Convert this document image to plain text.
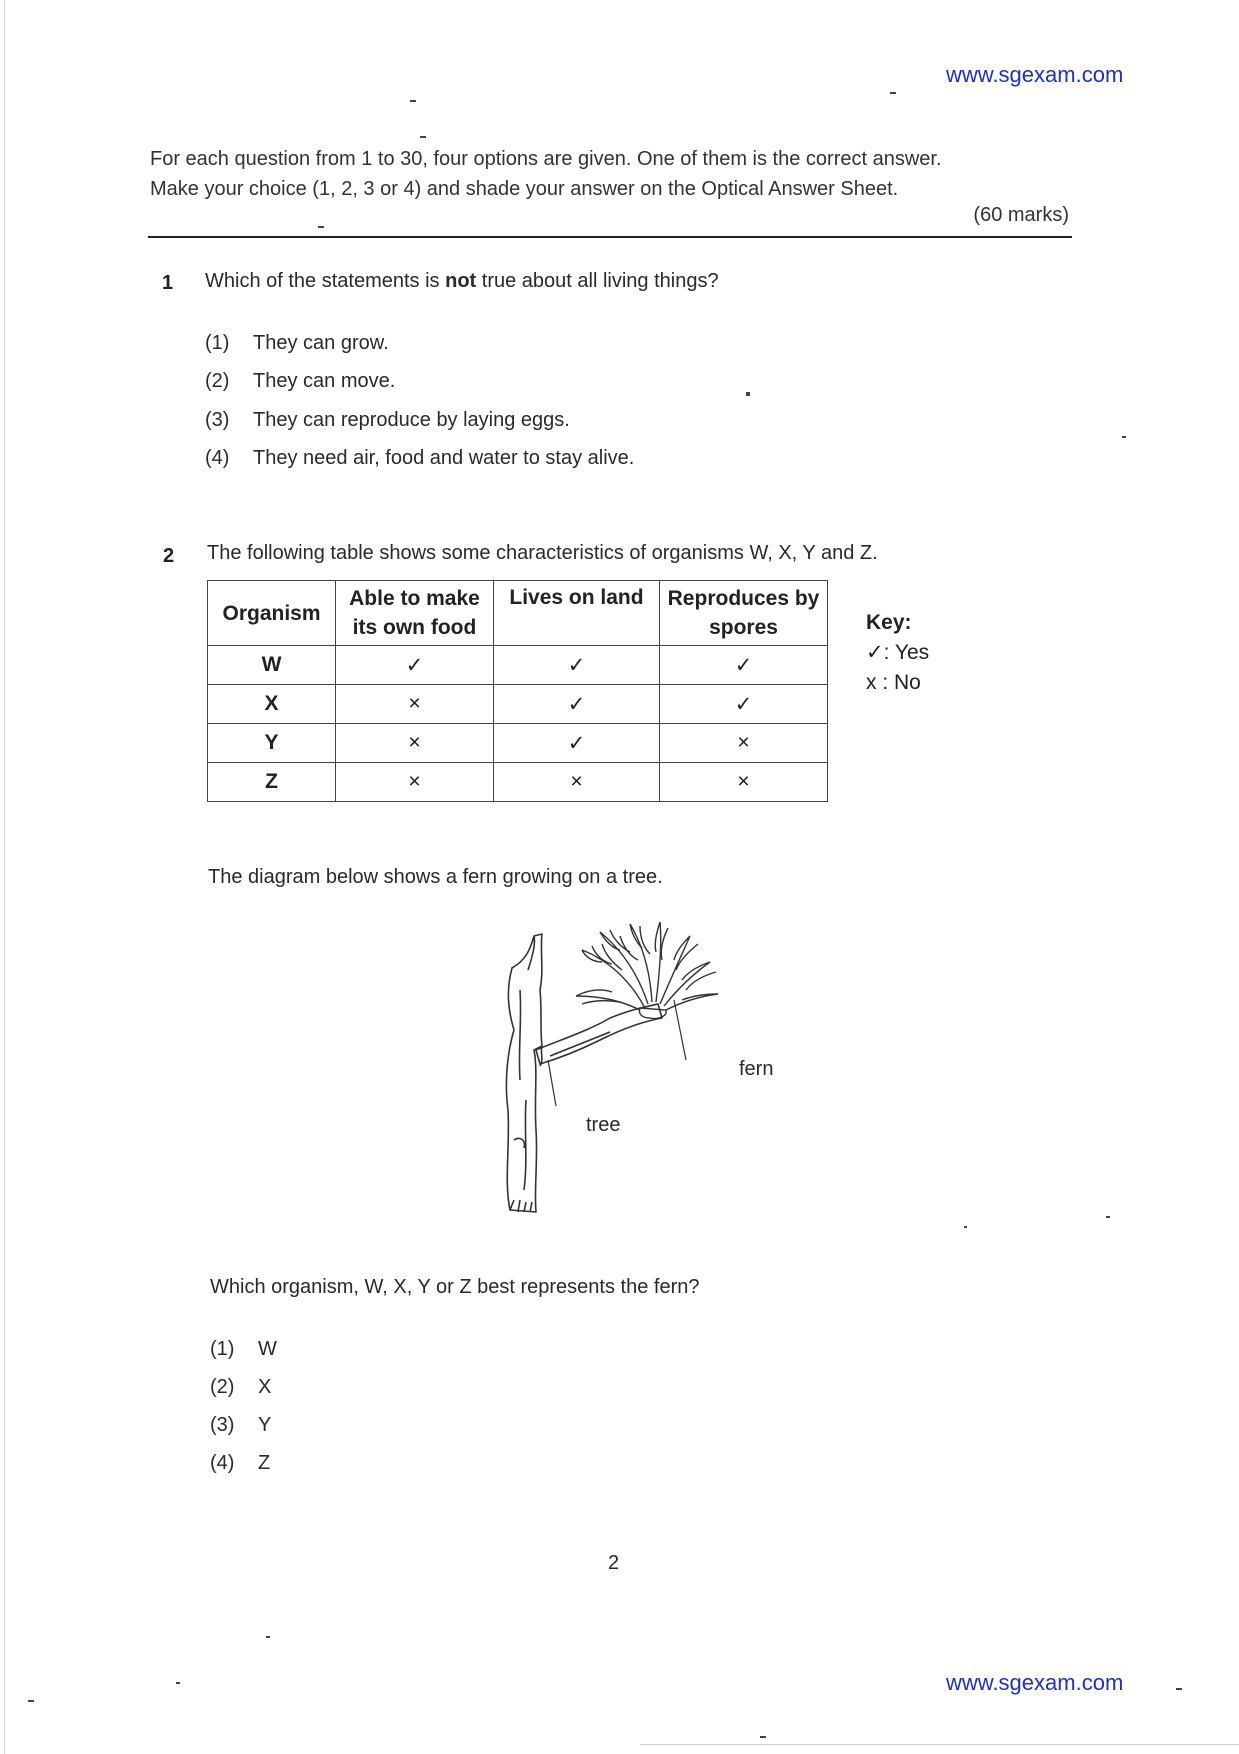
www.sgexam.com
For each question from 1 to 30, four options are given. One of them is the correct answer.
Make your choice (1, 2, 3 or 4) and shade your answer on the Optical Answer Sheet.
(60 marks)
1 Which of the statements is not true about all living things?
(1) They can grow.
(2) They can move.
(3) They can reproduce by laying eggs.
(4) They need air, food and water to stay alive.
2 The following table shows some characteristics of organisms W, X, Y and Z.
Organism	Able to make its own food	Lives on land	Reproduces by spores
W	✓	✓	✓
X	×	✓	✓
Y	×	✓	×
Z	×	×	×
Key:
✓: Yes
x : No
The diagram below shows a fern growing on a tree.
fern
tree
Which organism, W, X, Y or Z best represents the fern?
(1) W
(2) X
(3) Y
(4) Z
2
www.sgexam.com
